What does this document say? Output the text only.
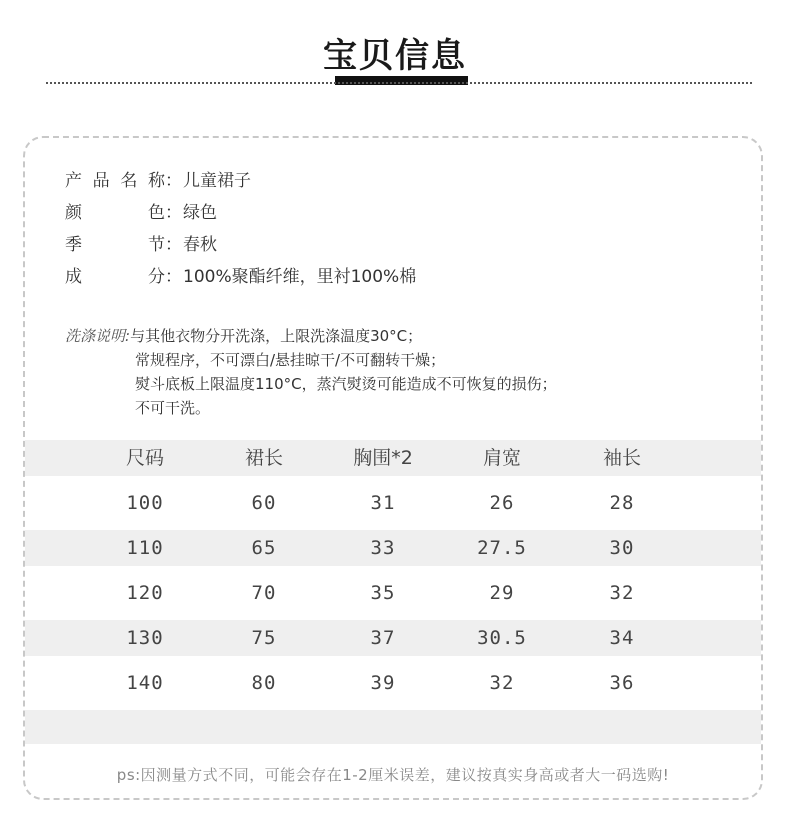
宝贝信息
产品名称：儿童裙子
颜色：绿色
季节：春秋
成分：100%聚酯纤维，里衬100%棉
洗涤说明:与其他衣物分开洗涤，上限洗涤温度30°C；
常规程序，不可漂白/悬挂晾干/不可翻转干燥；
熨斗底板上限温度110°C，蒸汽熨烫可能造成不可恢复的损伤；
不可干洗。
尺码	裙长	胸围*2	肩宽	袖长
100	60	31	26	28
110	65	33	27.5	30
120	70	35	29	32
130	75	37	30.5	34
140	80	39	32	36
ps:因测量方式不同，可能会存在1-2厘米误差，建议按真实身高或者大一码选购!
